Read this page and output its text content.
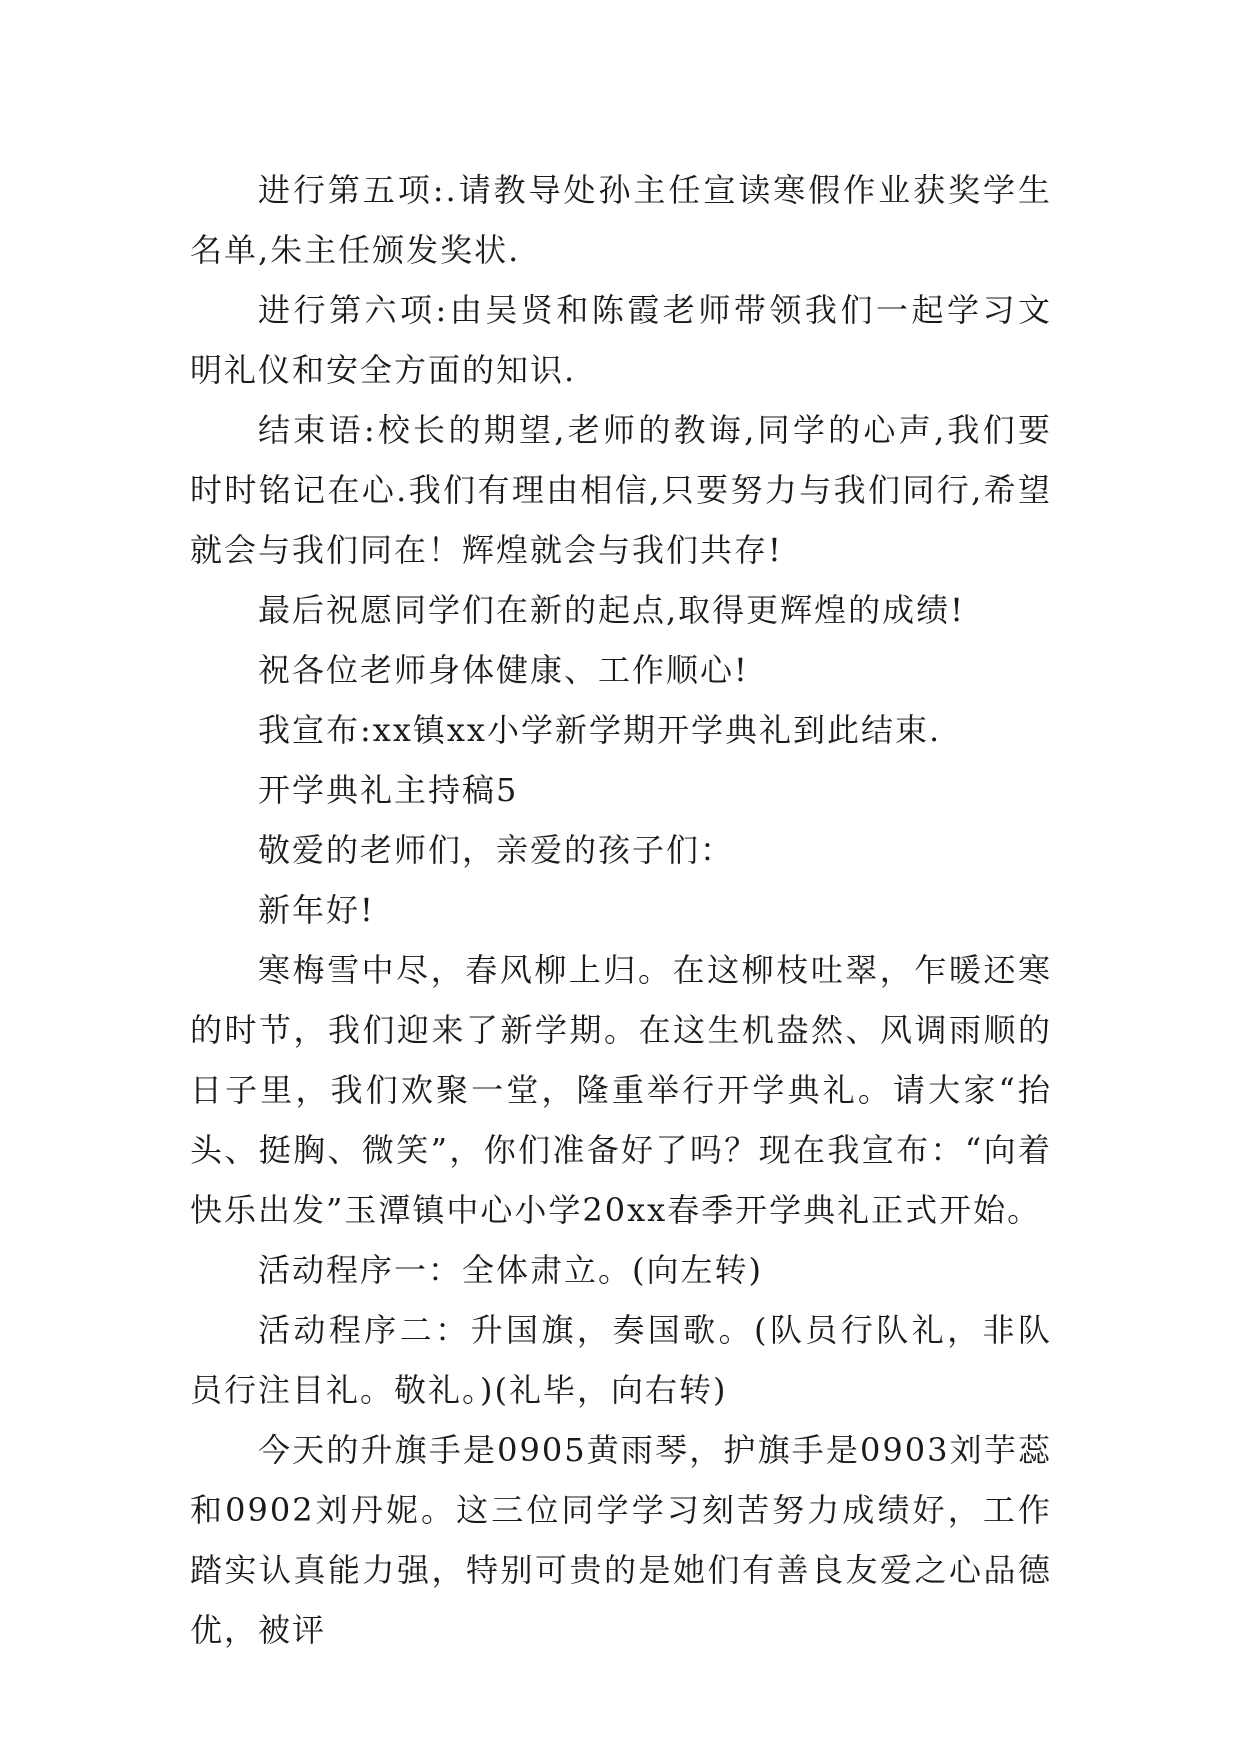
进行第五项:.请教导处孙主任宣读寒假作业获奖学生名单,朱主任颁发奖状.

进行第六项:由吴贤和陈霞老师带领我们一起学习文明礼仪和安全方面的知识.

结束语:校长的期望,老师的教诲,同学的心声,我们要时时铭记在心.我们有理由相信,只要努力与我们同行,希望就会与我们同在！辉煌就会与我们共存!

最后祝愿同学们在新的起点,取得更辉煌的成绩!

祝各位老师身体健康、工作顺心!

我宣布:xx镇xx小学新学期开学典礼到此结束.

开学典礼主持稿5

敬爱的老师们，亲爱的孩子们：

新年好!

寒梅雪中尽，春风柳上归。在这柳枝吐翠，乍暖还寒的时节，我们迎来了新学期。在这生机盎然、风调雨顺的日子里，我们欢聚一堂，隆重举行开学典礼。请大家“抬头、挺胸、微笑”，你们准备好了吗？现在我宣布：“向着快乐出发”玉潭镇中心小学20xx春季开学典礼正式开始。

活动程序一：全体肃立。(向左转)

活动程序二：升国旗，奏国歌。(队员行队礼，非队员行注目礼。敬礼。)(礼毕，向右转)

今天的升旗手是0905黄雨琴，护旗手是0903刘芋蕊和0902刘丹妮。这三位同学学习刻苦努力成绩好，工作踏实认真能力强，特别可贵的是她们有善良友爱之心品德优，被评
